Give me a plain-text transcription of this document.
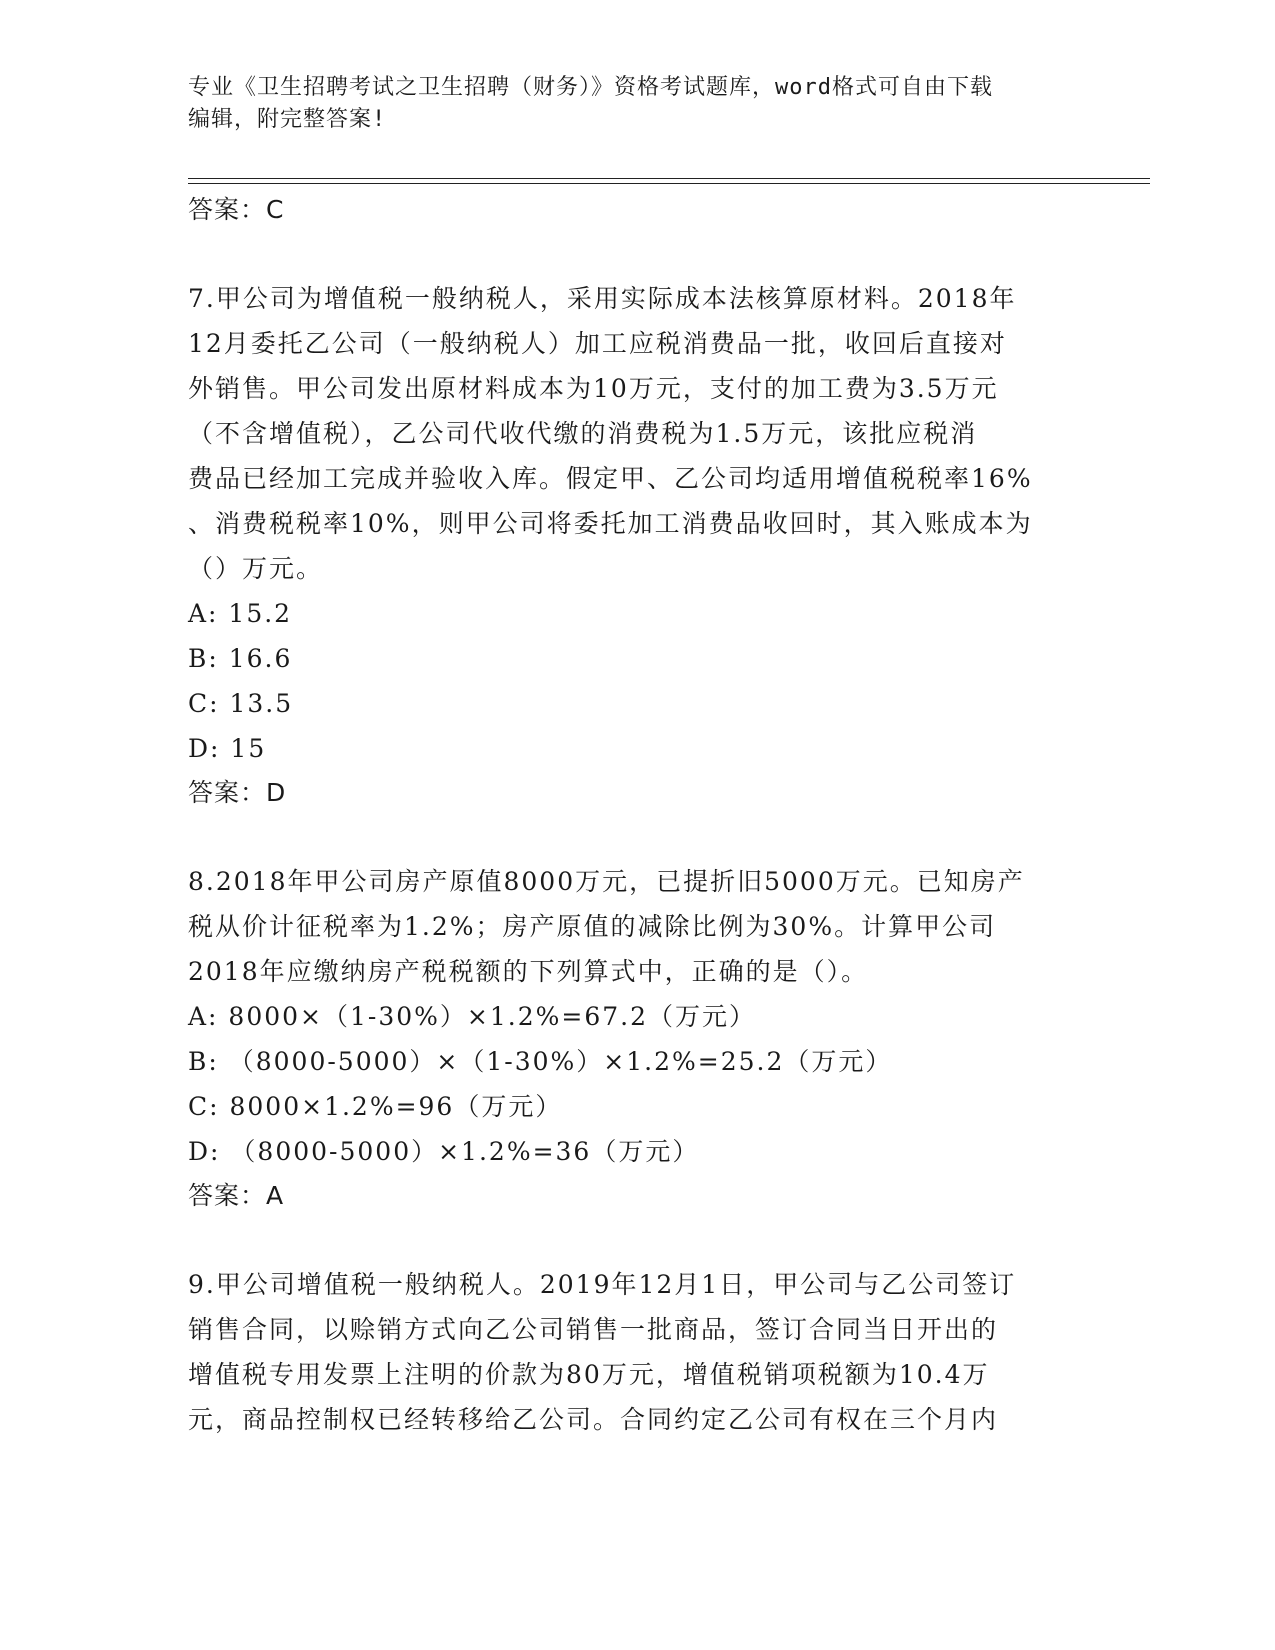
专业《卫生招聘考试之卫生招聘（财务）》资格考试题库，word格式可自由下载
编辑，附完整答案!
答案：C
7.甲公司为增值税一般纳税人，采用实际成本法核算原材料。2018年
12月委托乙公司（一般纳税人）加工应税消费品一批，收回后直接对
外销售。甲公司发出原材料成本为10万元，支付的加工费为3.5万元
（不含增值税），乙公司代收代缴的消费税为1.5万元，该批应税消
费品已经加工完成并验收入库。假定甲、乙公司均适用增值税税率16%
、消费税税率10%，则甲公司将委托加工消费品收回时，其入账成本为
（）万元。
A: 15.2
B: 16.6
C: 13.5
D: 15
答案：D
8.2018年甲公司房产原值8000万元，已提折旧5000万元。已知房产
税从价计征税率为1.2%；房产原值的减除比例为30%。计算甲公司
2018年应缴纳房产税税额的下列算式中，正确的是（）。
A: 8000×（1-30%）×1.2%=67.2（万元）
B: （8000-5000）×（1-30%）×1.2%=25.2（万元）
C: 8000×1.2%=96（万元）
D: （8000-5000）×1.2%=36（万元）
答案：A
9.甲公司增值税一般纳税人。2019年12月1日，甲公司与乙公司签订
销售合同，以赊销方式向乙公司销售一批商品，签订合同当日开出的
增值税专用发票上注明的价款为80万元，增值税销项税额为10.4万
元，商品控制权已经转移给乙公司。合同约定乙公司有权在三个月内
